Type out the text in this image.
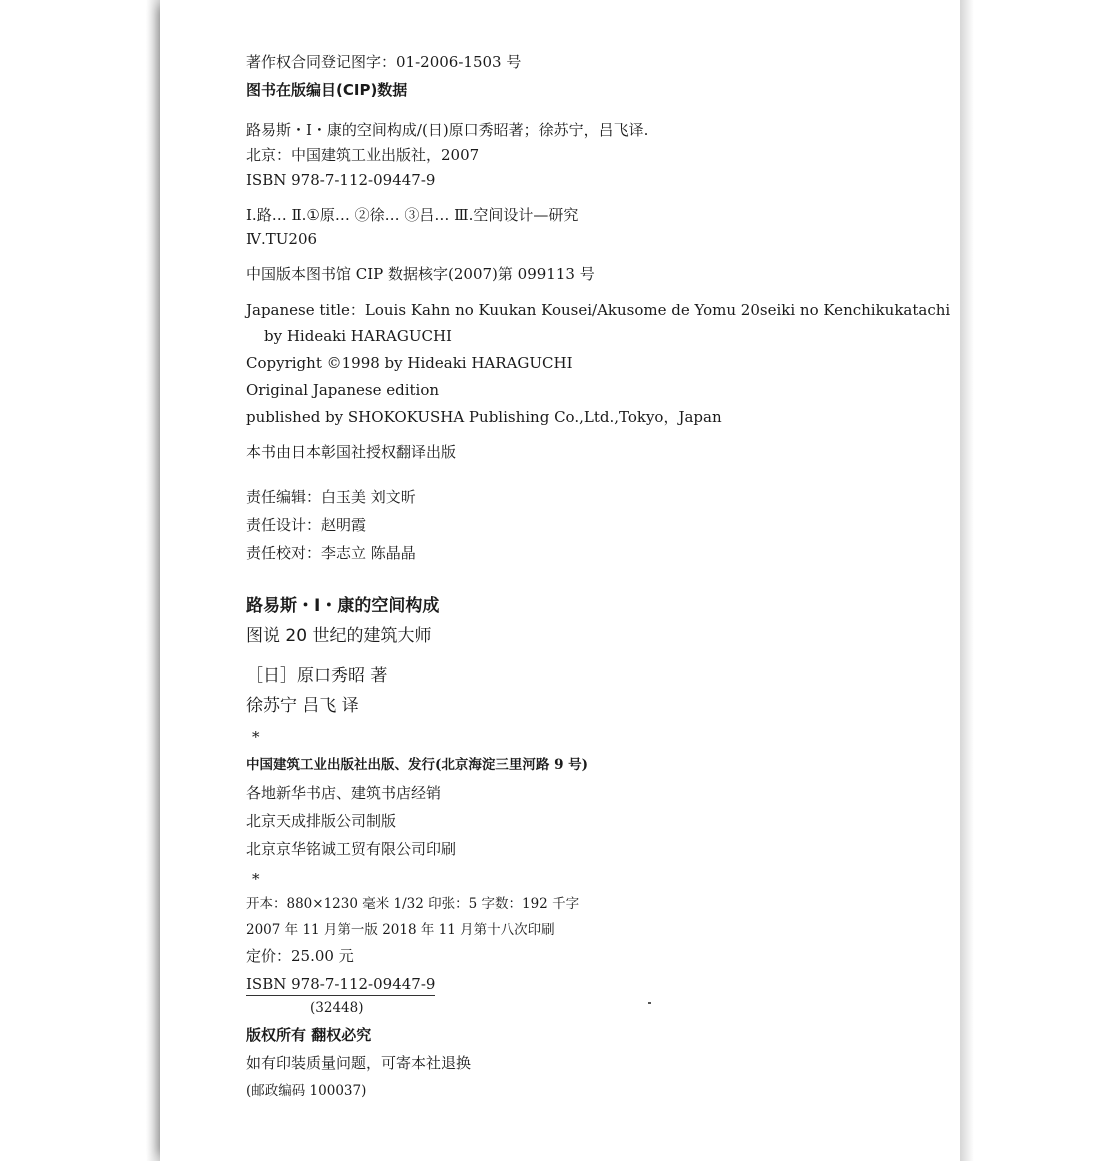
著作权合同登记图字：01-2006-1503 号
图书在版编目(CIP)数据
路易斯・Ⅰ・康的空间构成/(日)原口秀昭著；徐苏宁，吕飞译.
北京：中国建筑工业出版社，2007
ISBN 978-7-112-09447-9
Ⅰ.路… Ⅱ.①原… ②徐… ③吕… Ⅲ.空间设计—研究
Ⅳ.TU206
中国版本图书馆 CIP 数据核字(2007)第 099113 号
Japanese title：Louis Kahn no Kuukan Kousei/Akusome de Yomu 20seiki no Kenchikukatachi
by Hideaki HARAGUCHI
Copyright ©1998 by Hideaki HARAGUCHI
Original Japanese edition
published by SHOKOKUSHA Publishing Co.,Ltd.,Tokyo，Japan
本书由日本彰国社授权翻译出版
责任编辑：白玉美 刘文昕
责任设计：赵明霞
责任校对：李志立 陈晶晶
路易斯・Ⅰ・康的空间构成
图说 20 世纪的建筑大师
［日］原口秀昭 著
徐苏宁 吕飞 译
*
中国建筑工业出版社出版、发行(北京海淀三里河路 9 号)
各地新华书店、建筑书店经销
北京天成排版公司制版
北京京华铭诚工贸有限公司印刷
*
开本：880×1230 毫米 1/32 印张：5 字数：192 千字
2007 年 11 月第一版 2018 年 11 月第十八次印刷
定价：25.00 元
ISBN 978-7-112-09447-9
(32448)
版权所有 翻权必究
如有印装质量问题，可寄本社退换
(邮政编码 100037)
